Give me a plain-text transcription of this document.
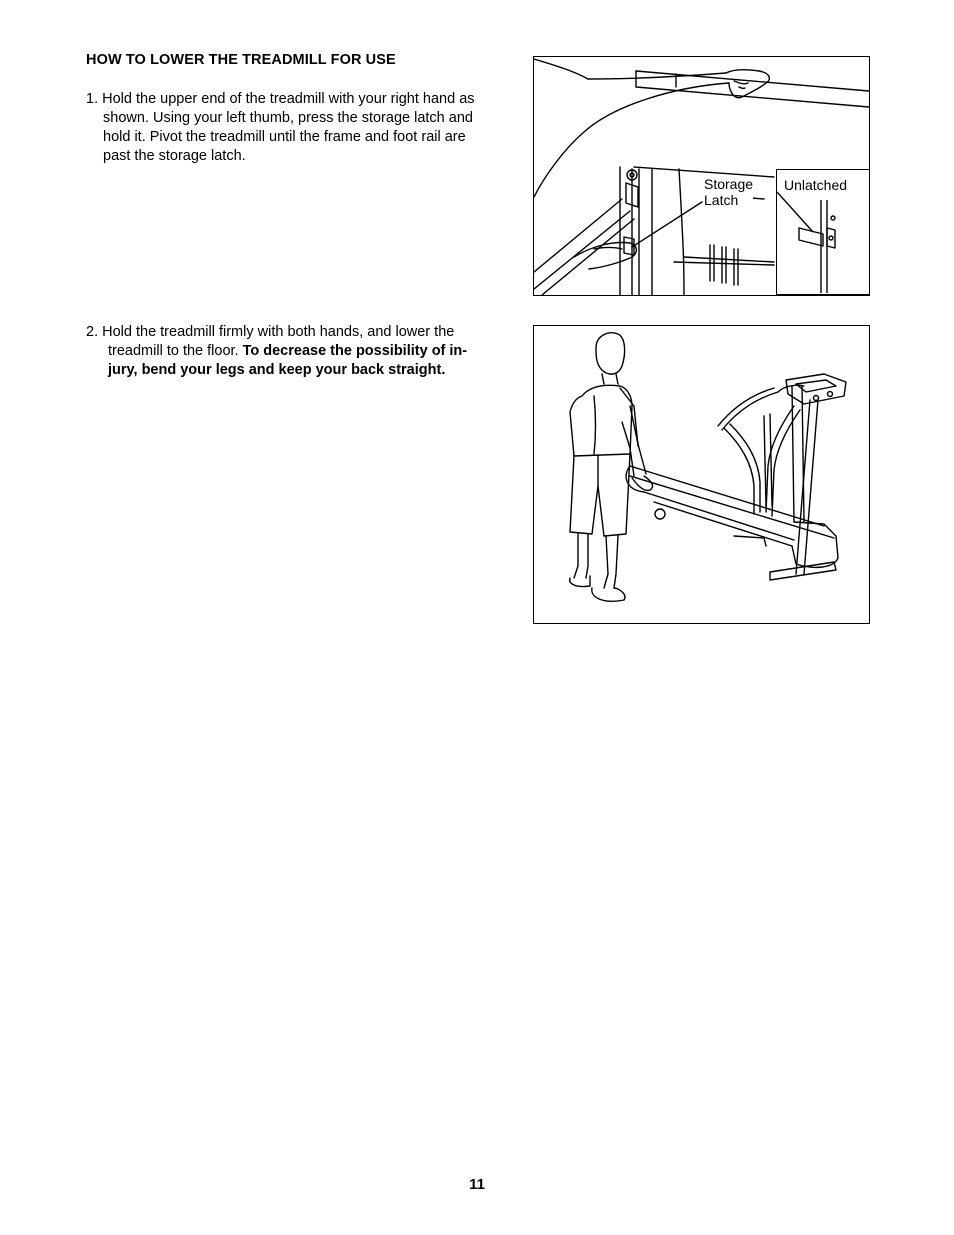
HOW TO LOWER THE TREADMILL FOR USE
1. Hold the upper end of the treadmill with your right hand as
shown. Using your left thumb, press the storage latch and
hold it. Pivot the treadmill until the frame and foot rail are
past the storage latch.
2. Hold the treadmill firmly with both hands, and lower the
treadmill to the floor. To decrease the possibility of in-
jury, bend your legs and keep your back straight.
Storage
Latch
Unlatched
11
